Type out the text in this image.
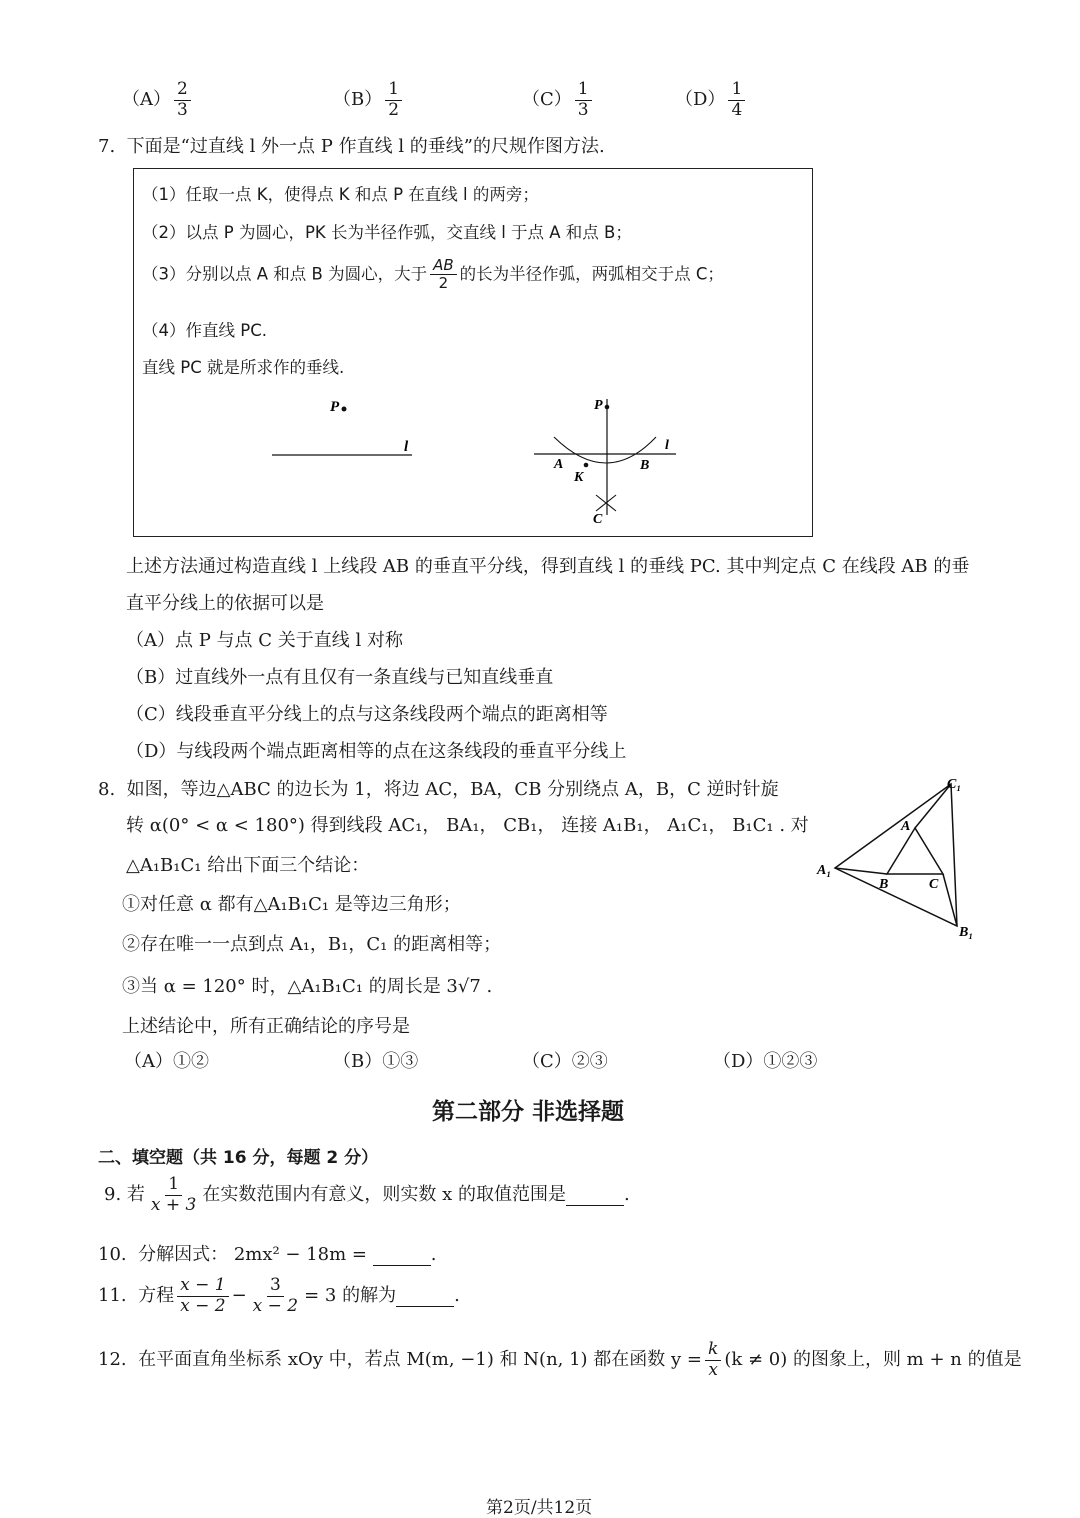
$(A) \frac{2}{3}$	$(B) \frac{1}{2}$	$(C) \frac{1}{3}$	$(D) \frac{1}{4}$
7. 下面是“过直线 l 外一点 P 作直线 l 的垂线”的尺规作图方法.
（1）任取一点 K，使得点 K 和点 P 在直线 l 的两旁；
（2）以点 P 为圆心，PK 长为半径作弧，交直线 l 于点 A 和点 B；
（3）分别以点 A 和点 B 为圆心，大于 $\frac{AB}{2}$ 的长为半径作弧，两弧相交于点 C；
（4）作直线 PC.
直线 PC 就是所求作的垂线.
P
l
P
l
A
K
B
C
上述方法通过构造直线 l 上线段 AB 的垂直平分线，得到直线 l 的垂线 PC. 其中判定点 C 在线段 AB 的垂
直平分线上的依据可以是
（A）点 P 与点 C 关于直线 l 对称
（B）过直线外一点有且仅有一条直线与已知直线垂直
（C）线段垂直平分线上的点与这条线段两个端点的距离相等
（D）与线段两个端点距离相等的点在这条线段的垂直平分线上
8. 如图，等边△ABC 的边长为 1，将边 AC，BA，CB 分别绕点 A，B，C 逆时针旋
转 α(0° < α < 180°) 得到线段 AC₁， BA₁， CB₁， 连接 A₁B₁， A₁C₁， B₁C₁ . 对
△A₁B₁C₁ 给出下面三个结论：
①对任意 α 都有△A₁B₁C₁ 是等边三角形；
②存在唯一一点到点 A₁，B₁，C₁ 的距离相等；
③当 α = 120° 时，△A₁B₁C₁ 的周长是 3√7 .
上述结论中，所有正确结论的序号是
（A）①②	（B）①③	（C）②③	（D）①②③
C₁
A
A₁
B	C
B₁
第二部分 非选择题
二、填空题（共 16 分，每题 2 分）
9. 若 $\frac{1}{x + 3}$ 在实数范围内有意义，则实数 x 的取值范围是	.
10. 分解因式： 2mx² − 18m =	.
11. 方程 $\frac{x - 1}{x - 2} - \frac{3}{x - 2} = 3$ 的解为	.
12. 在平面直角坐标系 xOy 中，若点 M(m, −1) 和 N(n, 1) 都在函数 $y = \frac{k}{x} (k \ne 0)$ 的图象上，则 m + n 的值是
第2页/共12页
